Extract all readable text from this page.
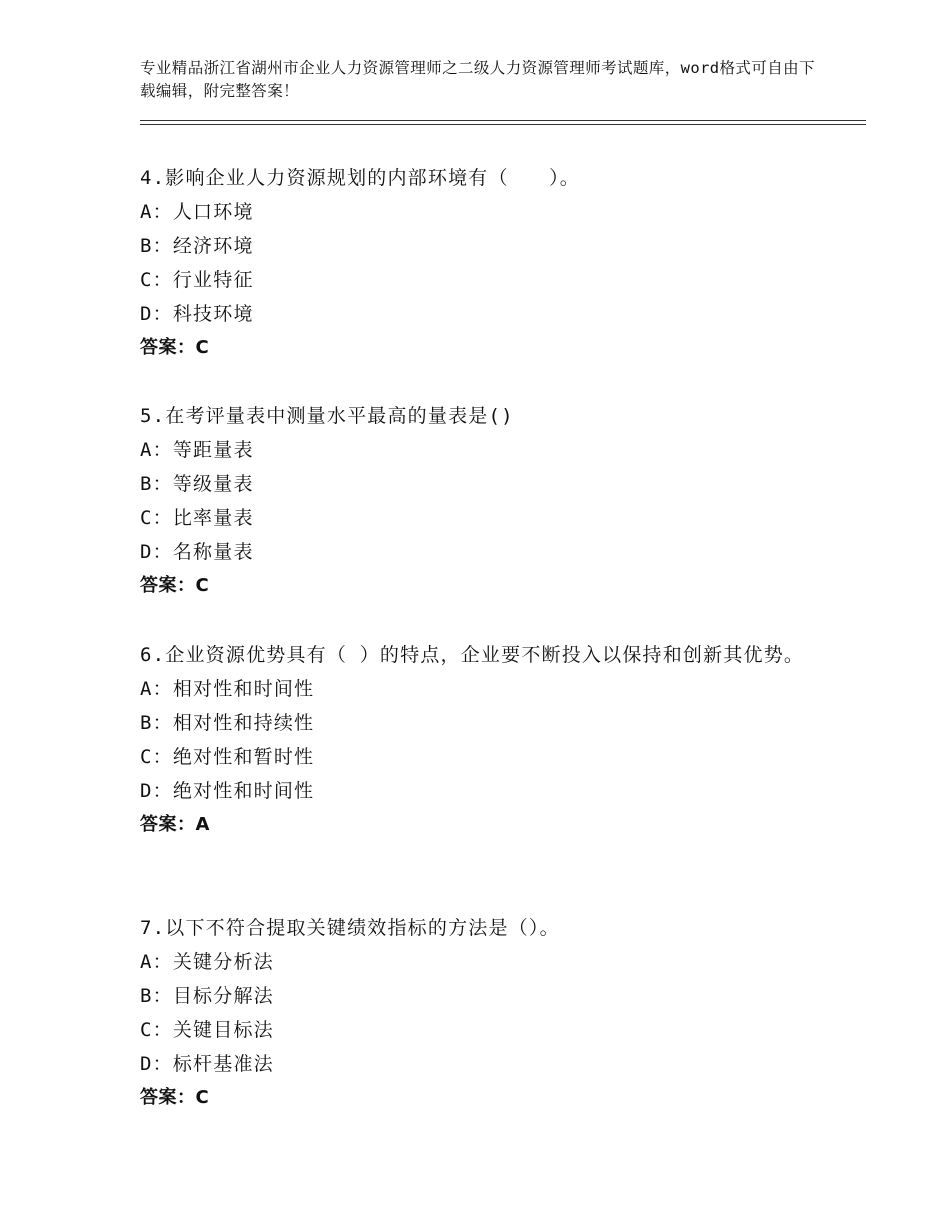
专业精品浙江省湖州市企业人力资源管理师之二级人力资源管理师考试题库，word格式可自由下载编辑，附完整答案！
4.影响企业人力资源规划的内部环境有（　　）。
A：人口环境
B：经济环境
C：行业特征
D：科技环境
答案：C
5.在考评量表中测量水平最高的量表是()
A：等距量表
B：等级量表
C：比率量表
D：名称量表
答案：C
6.企业资源优势具有（ ）的特点，企业要不断投入以保持和创新其优势。
A：相对性和时间性
B：相对性和持续性
C：绝对性和暂时性
D：绝对性和时间性
答案：A
7.以下不符合提取关键绩效指标的方法是（）。
A：关键分析法
B：目标分解法
C：关键目标法
D：标杆基准法
答案：C
